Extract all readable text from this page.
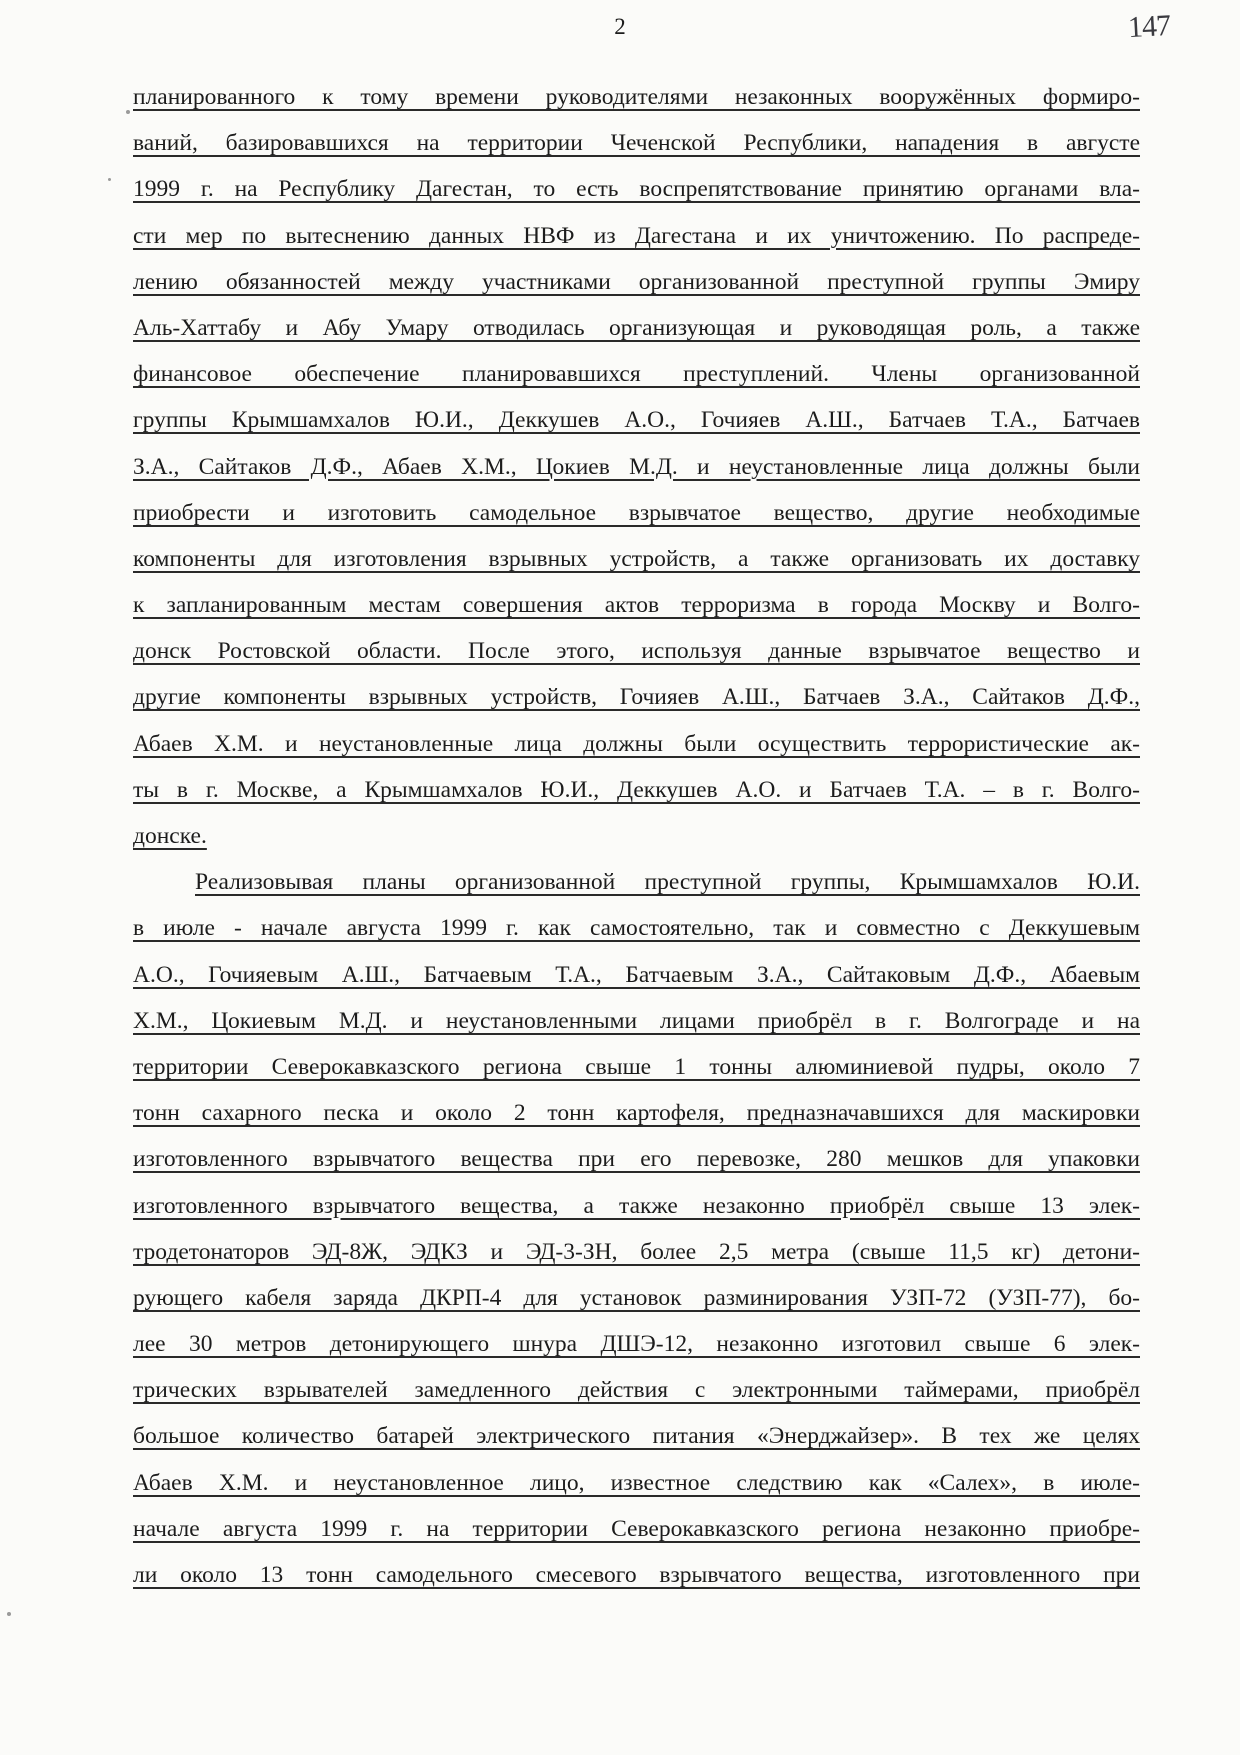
2	147
планированного к тому времени руководителями незаконных вооружённых формиро-
ваний, базировавшихся на территории Чеченской Республики, нападения в августе
1999 г. на Республику Дагестан, то есть воспрепятствование принятию органами вла-
сти мер по вытеснению данных НВФ из Дагестана и их уничтожению. По распреде-
лению обязанностей между участниками организованной преступной группы Эмиру
Аль-Хаттабу и Абу Умару отводилась организующая и руководящая роль, а также
финансовое обеспечение планировавшихся преступлений. Члены организованной
группы Крымшамхалов Ю.И., Деккушев А.О., Гочияев А.Ш., Батчаев Т.А., Батчаев
З.А., Сайтаков Д.Ф., Абаев Х.М., Цокиев М.Д. и неустановленные лица должны были
приобрести и изготовить самодельное взрывчатое вещество, другие необходимые
компоненты для изготовления взрывных устройств, а также организовать их доставку
к запланированным местам совершения актов терроризма в города Москву и Волго-
донск Ростовской области. После этого, используя данные взрывчатое вещество и
другие компоненты взрывных устройств, Гочияев А.Ш., Батчаев З.А., Сайтаков Д.Ф.,
Абаев Х.М. и неустановленные лица должны были осуществить террористические ак-
ты в г. Москве, а Крымшамхалов Ю.И., Деккушев А.О. и Батчаев Т.А. – в г. Волго-
донске.
Реализовывая планы организованной преступной группы, Крымшамхалов Ю.И.
в июле - начале августа 1999 г. как самостоятельно, так и совместно с Деккушевым
А.О., Гочияевым А.Ш., Батчаевым Т.А., Батчаевым З.А., Сайтаковым Д.Ф., Абаевым
Х.М., Цокиевым М.Д. и неустановленными лицами приобрёл в г. Волгограде и на
территории Северокавказского региона свыше 1 тонны алюминиевой пудры, около 7
тонн сахарного песка и около 2 тонн картофеля, предназначавшихся для маскировки
изготовленного взрывчатого вещества при его перевозке, 280 мешков для упаковки
изготовленного взрывчатого вещества, а также незаконно приобрёл свыше 13 элек-
тродетонаторов ЭД-8Ж, ЭДКЗ и ЭД-3-ЗН, более 2,5 метра (свыше 11,5 кг) детони-
рующего кабеля заряда ДКРП-4 для установок разминирования УЗП-72 (УЗП-77), бо-
лее 30 метров детонирующего шнура ДШЭ-12, незаконно изготовил свыше 6 элек-
трических взрывателей замедленного действия с электронными таймерами, приобрёл
большое количество батарей электрического питания «Энерджайзер». В тех же целях
Абаев Х.М. и неустановленное лицо, известное следствию как «Салех», в июле-
начале августа 1999 г. на территории Северокавказского региона незаконно приобре-
ли около 13 тонн самодельного смесевого взрывчатого вещества, изготовленного при
